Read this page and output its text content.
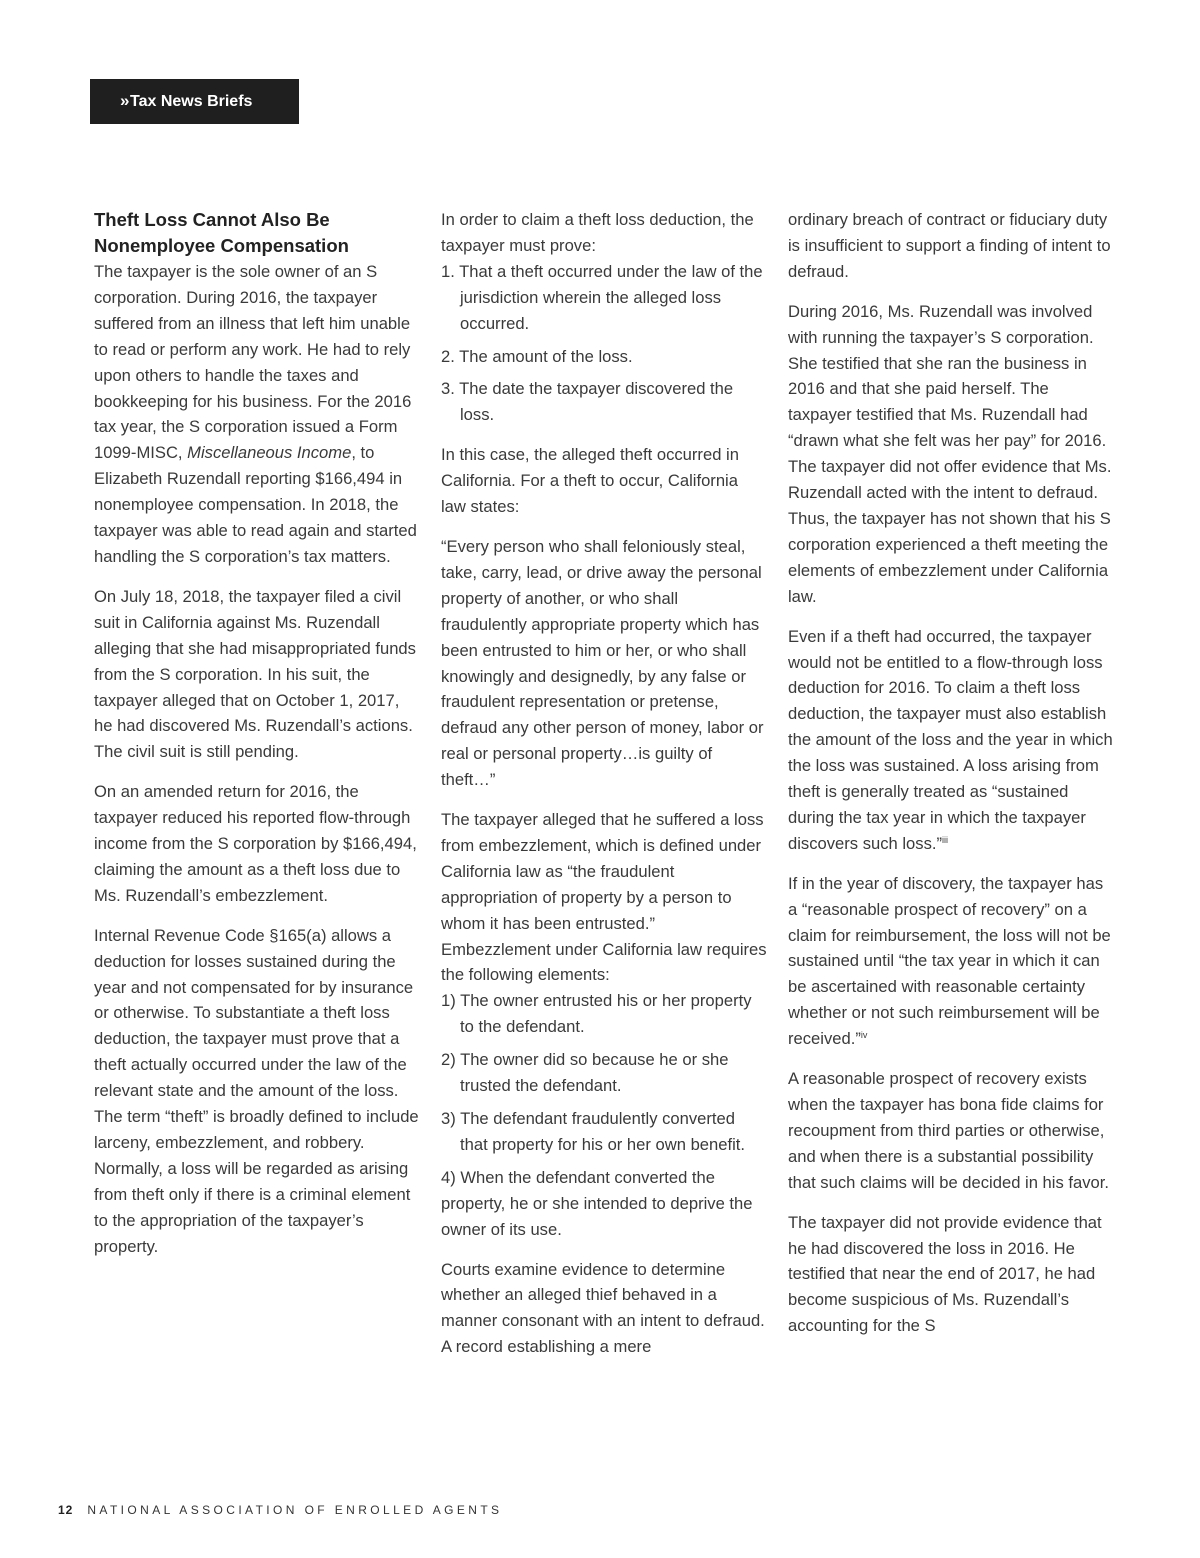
» Tax News Briefs
Theft Loss Cannot Also Be
Nonemployee Compensation

The taxpayer is the sole owner of an S corporation. During 2016, the taxpayer suffered from an illness that left him unable to read or perform any work. He had to rely upon others to handle the taxes and bookkeeping for his business. For the 2016 tax year, the S corporation issued a Form 1099-MISC, Miscellaneous Income, to Elizabeth Ruzendall reporting $166,494 in nonemployee compensation. In 2018, the taxpayer was able to read again and started handling the S corporation’s tax matters.

On July 18, 2018, the taxpayer filed a civil suit in California against Ms. Ruzendall alleging that she had misappropriated funds from the S corporation. In his suit, the taxpayer alleged that on October 1, 2017, he had discovered Ms. Ruzendall’s actions. The civil suit is still pending.

On an amended return for 2016, the taxpayer reduced his reported flow-through income from the S corporation by $166,494, claiming the amount as a theft loss due to Ms. Ruzendall’s embezzlement.

Internal Revenue Code §165(a) allows a deduction for losses sustained during the year and not compensated for by insurance or otherwise. To substantiate a theft loss deduction, the taxpayer must prove that a theft actually occurred under the law of the relevant state and the amount of the loss. The term “theft” is broadly defined to include larceny, embezzlement, and robbery. Normally, a loss will be regarded as arising from theft only if there is a criminal element to the appropriation of the taxpayer’s property.

In order to claim a theft loss deduction, the taxpayer must prove:

1. That a theft occurred under the law of the jurisdiction wherein the alleged loss occurred.
2. The amount of the loss.
3. The date the taxpayer discovered the loss.

In this case, the alleged theft occurred in California. For a theft to occur, California law states:

“Every person who shall feloniously steal, take, carry, lead, or drive away the personal property of another, or who shall fraudulently appropriate property which has been entrusted to him or her, or who shall knowingly and designedly, by any false or fraudulent representation or pretense, defraud any other person of money, labor or real or personal property…is guilty of theft…”

The taxpayer alleged that he suffered a loss from embezzlement, which is defined under California law as “the fraudulent appropriation of property by a person to whom it has been entrusted.” Embezzlement under California law requires the following elements:

1) The owner entrusted his or her property to the defendant.
2) The owner did so because he or she trusted the defendant.
3) The defendant fraudulently converted that property for his or her own benefit.
4) When the defendant converted the property, he or she intended to deprive the owner of its use.

Courts examine evidence to determine whether an alleged thief behaved in a manner consonant with an intent to defraud. A record establishing a mere

ordinary breach of contract or fiduciary duty is insufficient to support a finding of intent to defraud.

During 2016, Ms. Ruzendall was involved with running the taxpayer’s S corporation. She testified that she ran the business in 2016 and that she paid herself. The taxpayer testified that Ms. Ruzendall had “drawn what she felt was her pay” for 2016. The taxpayer did not offer evidence that Ms. Ruzendall acted with the intent to defraud. Thus, the taxpayer has not shown that his S corporation experienced a theft meeting the elements of embezzlement under California law.

Even if a theft had occurred, the taxpayer would not be entitled to a flow-through loss deduction for 2016. To claim a theft loss deduction, the taxpayer must also establish the amount of the loss and the year in which the loss was sustained. A loss arising from theft is generally treated as “sustained during the tax year in which the taxpayer discovers such loss.”$^{iii}$

If in the year of discovery, the taxpayer has a “reasonable prospect of recovery” on a claim for reimbursement, the loss will not be sustained until “the tax year in which it can be ascertained with reasonable certainty whether or not such reimbursement will be received.”$^{iv}$

A reasonable prospect of recovery exists when the taxpayer has bona fide claims for recoupment from third parties or otherwise, and when there is a substantial possibility that such claims will be decided in his favor.

The taxpayer did not provide evidence that he had discovered the loss in 2016. He testified that near the end of 2017, he had become suspicious of Ms. Ruzendall’s accounting for the S

12 NATIONAL ASSOCIATION OF ENROLLED AGENTS
